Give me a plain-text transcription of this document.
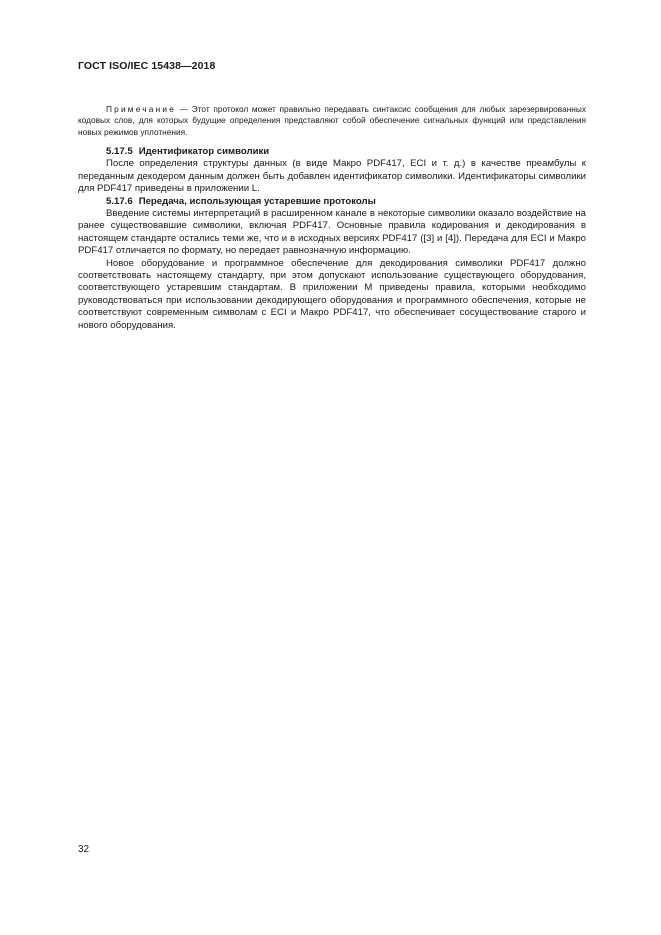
ГОСТ ISO/IEC 15438—2018

Примечание — Этот протокол может правильно передавать синтаксис сообщения для любых зарезервированных кодовых слов, для которых будущие определения представляют собой обеспечение сигнальных функций или представления новых режимов уплотнения.

5.17.5 Идентификатор символики

После определения структуры данных (в виде Макро PDF417, ECI и т. д.) в качестве преамбулы к переданным декодером данным должен быть добавлен идентификатор символики. Идентификаторы символики для PDF417 приведены в приложении L.

5.17.6 Передача, использующая устаревшие протоколы

Введение системы интерпретаций в расширенном канале в некоторые символики оказало воздействие на ранее существовавшие символики, включая PDF417. Основные правила кодирования и декодирования в настоящем стандарте остались теми же, что и в исходных версиях PDF417 ([3] и [4]). Передача для ECI и Макро PDF417 отличается по формату, но передает равнозначную информацию.

Новое оборудование и программное обеспечение для декодирования символики PDF417 должно соответствовать настоящему стандарту, при этом допускают использование существующего оборудования, соответствующего устаревшим стандартам. В приложении М приведены правила, которыми необходимо руководствоваться при использовании декодирующего оборудования и программного обеспечения, которые не соответствуют современным символам с ECI и Макро PDF417, что обеспечивает сосуществование старого и нового оборудования.

32
